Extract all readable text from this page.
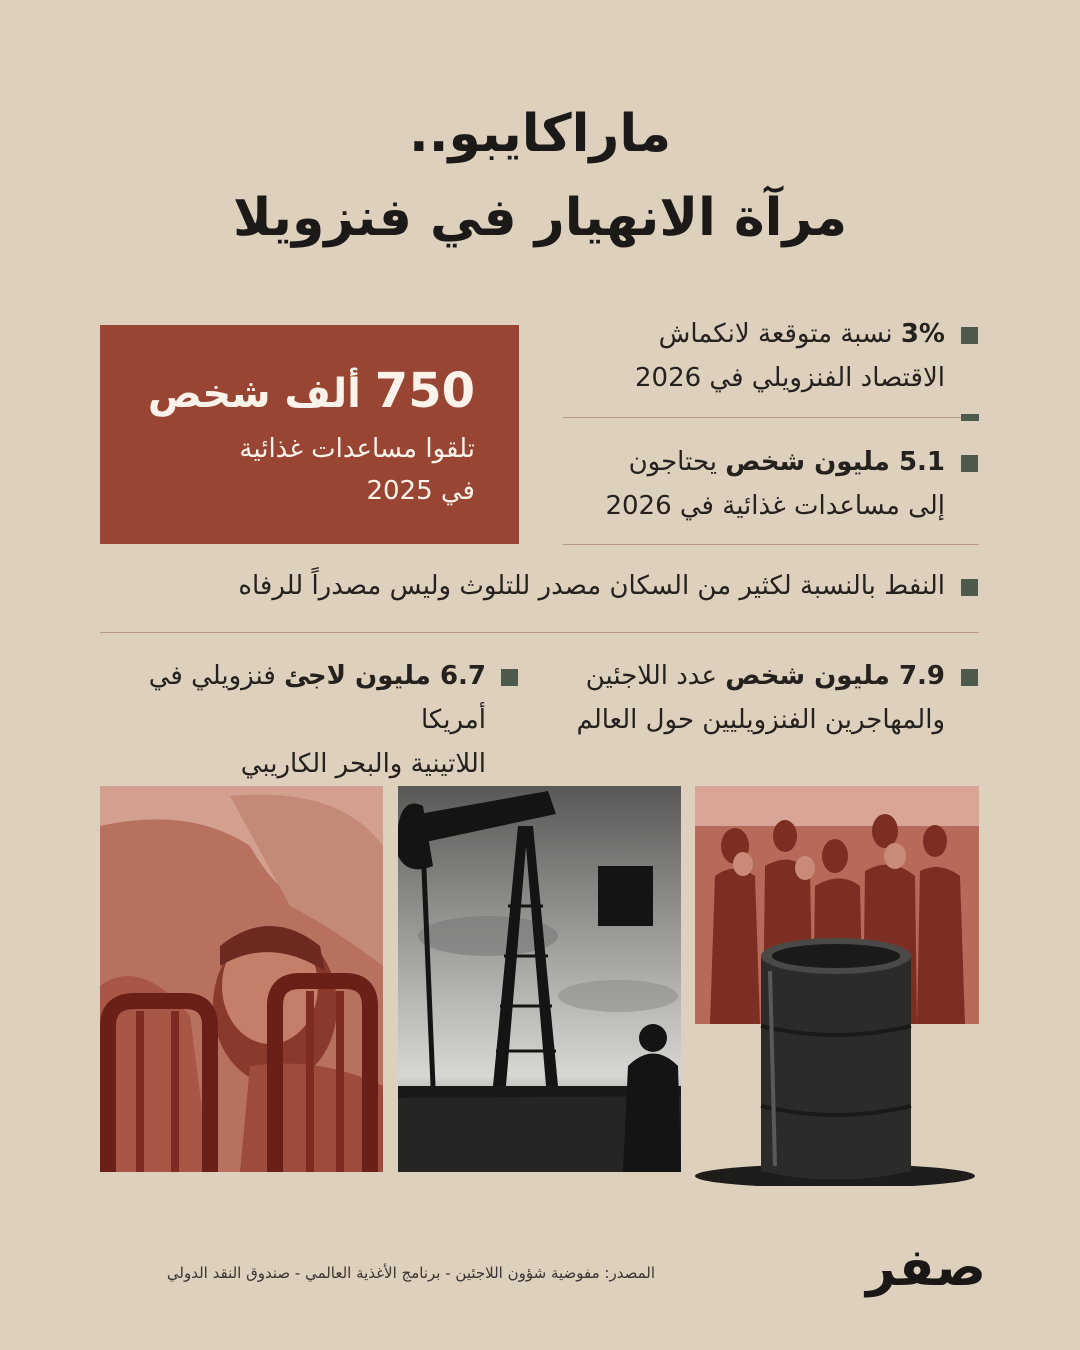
ماراكايبو..
مرآة الانهيار في فنزويلا
750 ألف شخص
تلقوا مساعدات غذائية
في 2025
3% نسبة متوقعة لانكماش
الاقتصاد الفنزويلي في 2026
5.1 مليون شخص يحتاجون
إلى مساعدات غذائية في 2026
النفط بالنسبة لكثير من السكان مصدر للتلوث وليس مصدراً للرفاه
7.9 مليون شخص عدد اللاجئين
والمهاجرين الفنزويليين حول العالم
6.7 مليون لاجئ فنزويلي في أمريكا
اللاتينية والبحر الكاريبي
صفر
المصدر: مفوضية شؤون اللاجئين - برنامج الأغذية العالمي - صندوق النقد الدولي
